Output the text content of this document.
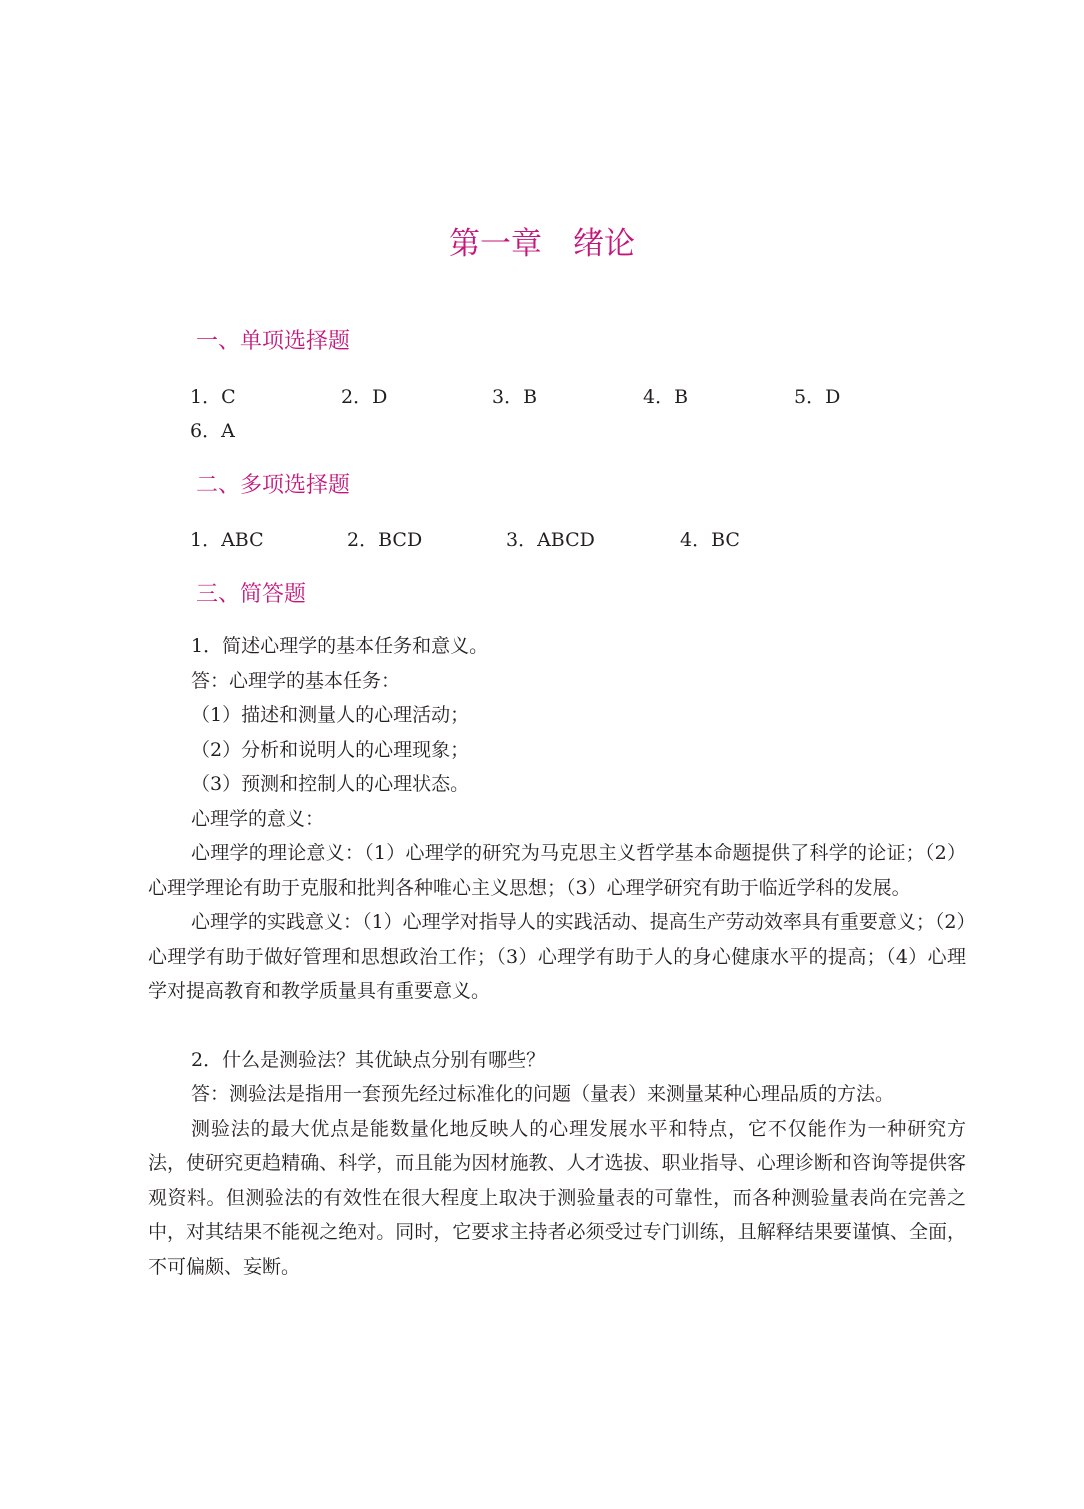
第一章　绪论
一、单项选择题
1．C	2．D	3．B	4．B	5．D
6．A
二、多项选择题
1．ABC	2．BCD	3．ABCD	4．BC
三、简答题
1．简述心理学的基本任务和意义。
答：心理学的基本任务：
（1）描述和测量人的心理活动；
（2）分析和说明人的心理现象；
（3）预测和控制人的心理状态。
心理学的意义：
心理学的理论意义：（1）心理学的研究为马克思主义哲学基本命题提供了科学的论证；（2）心理学理论有助于克服和批判各种唯心主义思想；（3）心理学研究有助于临近学科的发展。
心理学的实践意义：（1）心理学对指导人的实践活动、提高生产劳动效率具有重要意义；（2）心理学有助于做好管理和思想政治工作；（3）心理学有助于人的身心健康水平的提高；（4）心理学对提高教育和教学质量具有重要意义。
2．什么是测验法？其优缺点分别有哪些？
答：测验法是指用一套预先经过标准化的问题（量表）来测量某种心理品质的方法。
测验法的最大优点是能数量化地反映人的心理发展水平和特点，它不仅能作为一种研究方法，使研究更趋精确、科学，而且能为因材施教、人才选拔、职业指导、心理诊断和咨询等提供客观资料。但测验法的有效性在很大程度上取决于测验量表的可靠性，而各种测验量表尚在完善之中，对其结果不能视之绝对。同时，它要求主持者必须受过专门训练，且解释结果要谨慎、全面，不可偏颇、妄断。
